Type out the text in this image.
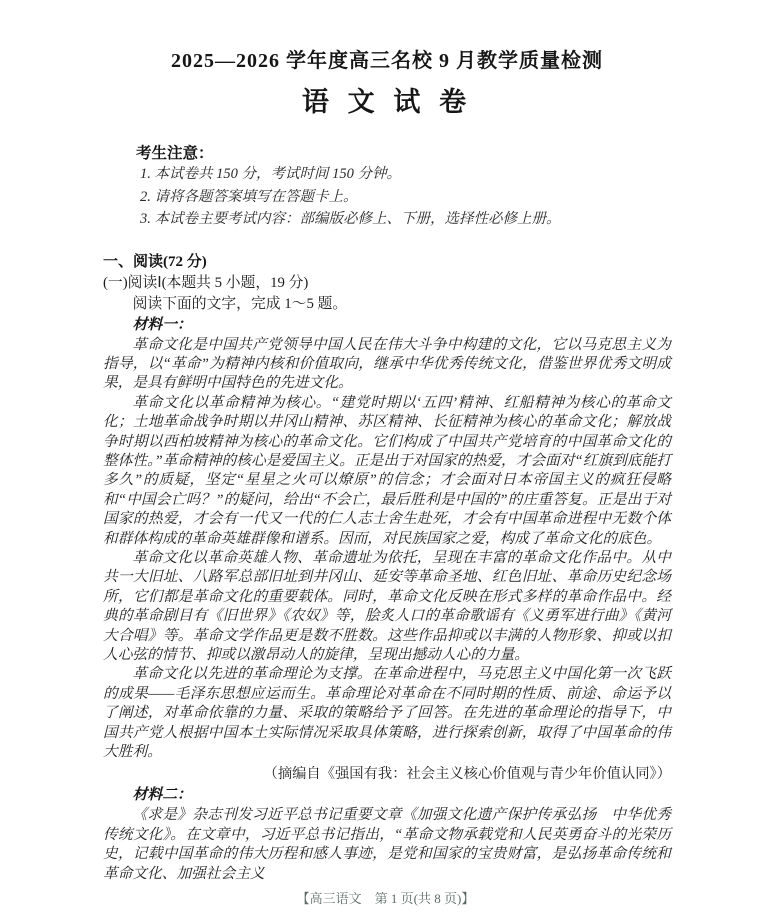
2025—2026 学年度高三名校 9 月教学质量检测
语 文 试 卷
考生注意：
1. 本试卷共 150 分，考试时间 150 分钟。
2. 请将各题答案填写在答题卡上。
3. 本试卷主要考试内容：部编版必修上、下册，选择性必修上册。
一、阅读(72 分)
(一)阅读Ⅰ(本题共 5 小题，19 分)
阅读下面的文字，完成 1～5 题。
材料一：

革命文化是中国共产党领导中国人民在伟大斗争中构建的文化，它以马克思主义为指导，以“革命”为精神内核和价值取向，继承中华优秀传统文化，借鉴世界优秀文明成果，是具有鲜明中国特色的先进文化。

革命文化以革命精神为核心。“建党时期以‘五四’精神、红船精神为核心的革命文化；土地革命战争时期以井冈山精神、苏区精神、长征精神为核心的革命文化；解放战争时期以西柏坡精神为核心的革命文化。它们构成了中国共产党培育的中国革命文化的整体性。”革命精神的核心是爱国主义。正是出于对国家的热爱，才会面对“红旗到底能打多久”的质疑，坚定“星星之火可以燎原”的信念；才会面对日本帝国主义的疯狂侵略和“中国会亡吗？”的疑问，给出“不会亡，最后胜利是中国的”的庄重答复。正是出于对国家的热爱，才会有一代又一代的仁人志士舍生赴死，才会有中国革命进程中无数个体和群体构成的革命英雄群像和谱系。因而，对民族国家之爱，构成了革命文化的底色。

革命文化以革命英雄人物、革命遗址为依托，呈现在丰富的革命文化作品中。从中共一大旧址、八路军总部旧址到井冈山、延安等革命圣地、红色旧址、革命历史纪念场所，它们都是革命文化的重要载体。同时，革命文化反映在形式多样的革命作品中。经典的革命剧目有《旧世界》《农奴》等，脍炙人口的革命歌谣有《义勇军进行曲》《黄河大合唱》等。革命文学作品更是数不胜数。这些作品抑或以丰满的人物形象、抑或以扣人心弦的情节、抑或以激昂动人的旋律，呈现出撼动人心的力量。

革命文化以先进的革命理论为支撑。在革命进程中，马克思主义中国化第一次飞跃的成果——毛泽东思想应运而生。革命理论对革命在不同时期的性质、前途、命运予以了阐述，对革命依靠的力量、采取的策略给予了回答。在先进的革命理论的指导下，中国共产党人根据中国本土实际情况采取具体策略，进行探索创新，取得了中国革命的伟大胜利。

（摘编自《强国有我：社会主义核心价值观与青少年价值认同》）
材料二：

《求是》杂志刊发习近平总书记重要文章《加强文化遗产保护传承弘扬　中华优秀传统文化》。在文章中，习近平总书记指出，“革命文物承载党和人民英勇奋斗的光荣历史，记载中国革命的伟大历程和感人事迹，是党和国家的宝贵财富，是弘扬革命传统和革命文化、加强社会主义

【高三语文　第 1 页(共 8 页)】
